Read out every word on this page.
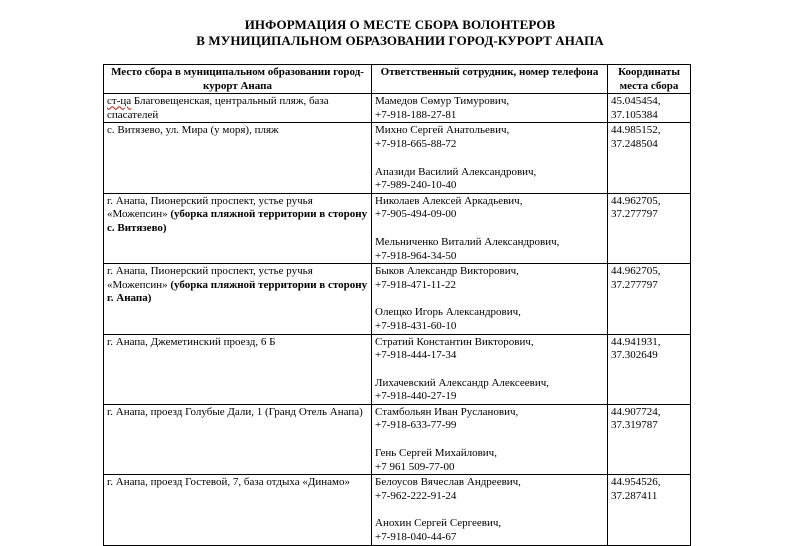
ИНФОРМАЦИЯ О МЕСТЕ СБОРА ВОЛОНТЕРОВ
В МУНИЦИПАЛЬНОМ ОБРАЗОВАНИИ ГОРОД-КУРОРТ АНАПА
Место сбора в муниципальном образовании город-курорт Анапа	Ответственный сотрудник, номер телефона	Координаты места сбора
ст-ца Благовещенская, центральный пляж, база спасателей	Мамедов Сөмур Тимурович,
+7-918-188-27-81	45.045454, 37.105384
с. Витязево, ул. Мира (у моря), пляж	Михно Сергей Анатольевич,
+7-918-665-88-72
Апазиди Василий Александрович,
+7-989-240-10-40	44.985152, 37.248504
г. Анапа, Пионерский проспект, устье ручья «Можепсин» (уборка пляжной территории в сторону с. Витязево)	Николаев Алексей Аркадьевич,
+7-905-494-09-00
Мельниченко Виталий Александрович,
+7-918-964-34-50	44.962705, 37.277797
г. Анапа, Пионерский проспект, устье ручья «Можепсин» (уборка пляжной территории в сторону г. Анапа)	Быков Александр Викторович,
+7-918-471-11-22
Олещко Игорь Александрович,
+7-918-431-60-10	44.962705, 37.277797
г. Анапа, Джеметинский проезд, 6 Б	Стратий Константин Викторович,
+7-918-444-17-34
Лихачевский Александр Алексеевич,
+7-918-440-27-19	44.941931, 37.302649
г. Анапа, проезд Голубые Дали, 1 (Гранд Отель Анапа)	Стамбольян Иван Русланович,
+7-918-633-77-99
Гень Сергей Михайлович,
+7 961 509-77-00	44.907724, 37.319787
г. Анапа, проезд Гостевой, 7, база отдыха «Динамо»	Белоусов Вячеслав Андреевич,
+7-962-222-91-24
Анохин Сергей Сергеевич,
+7-918-040-44-67	44.954526, 37.287411
